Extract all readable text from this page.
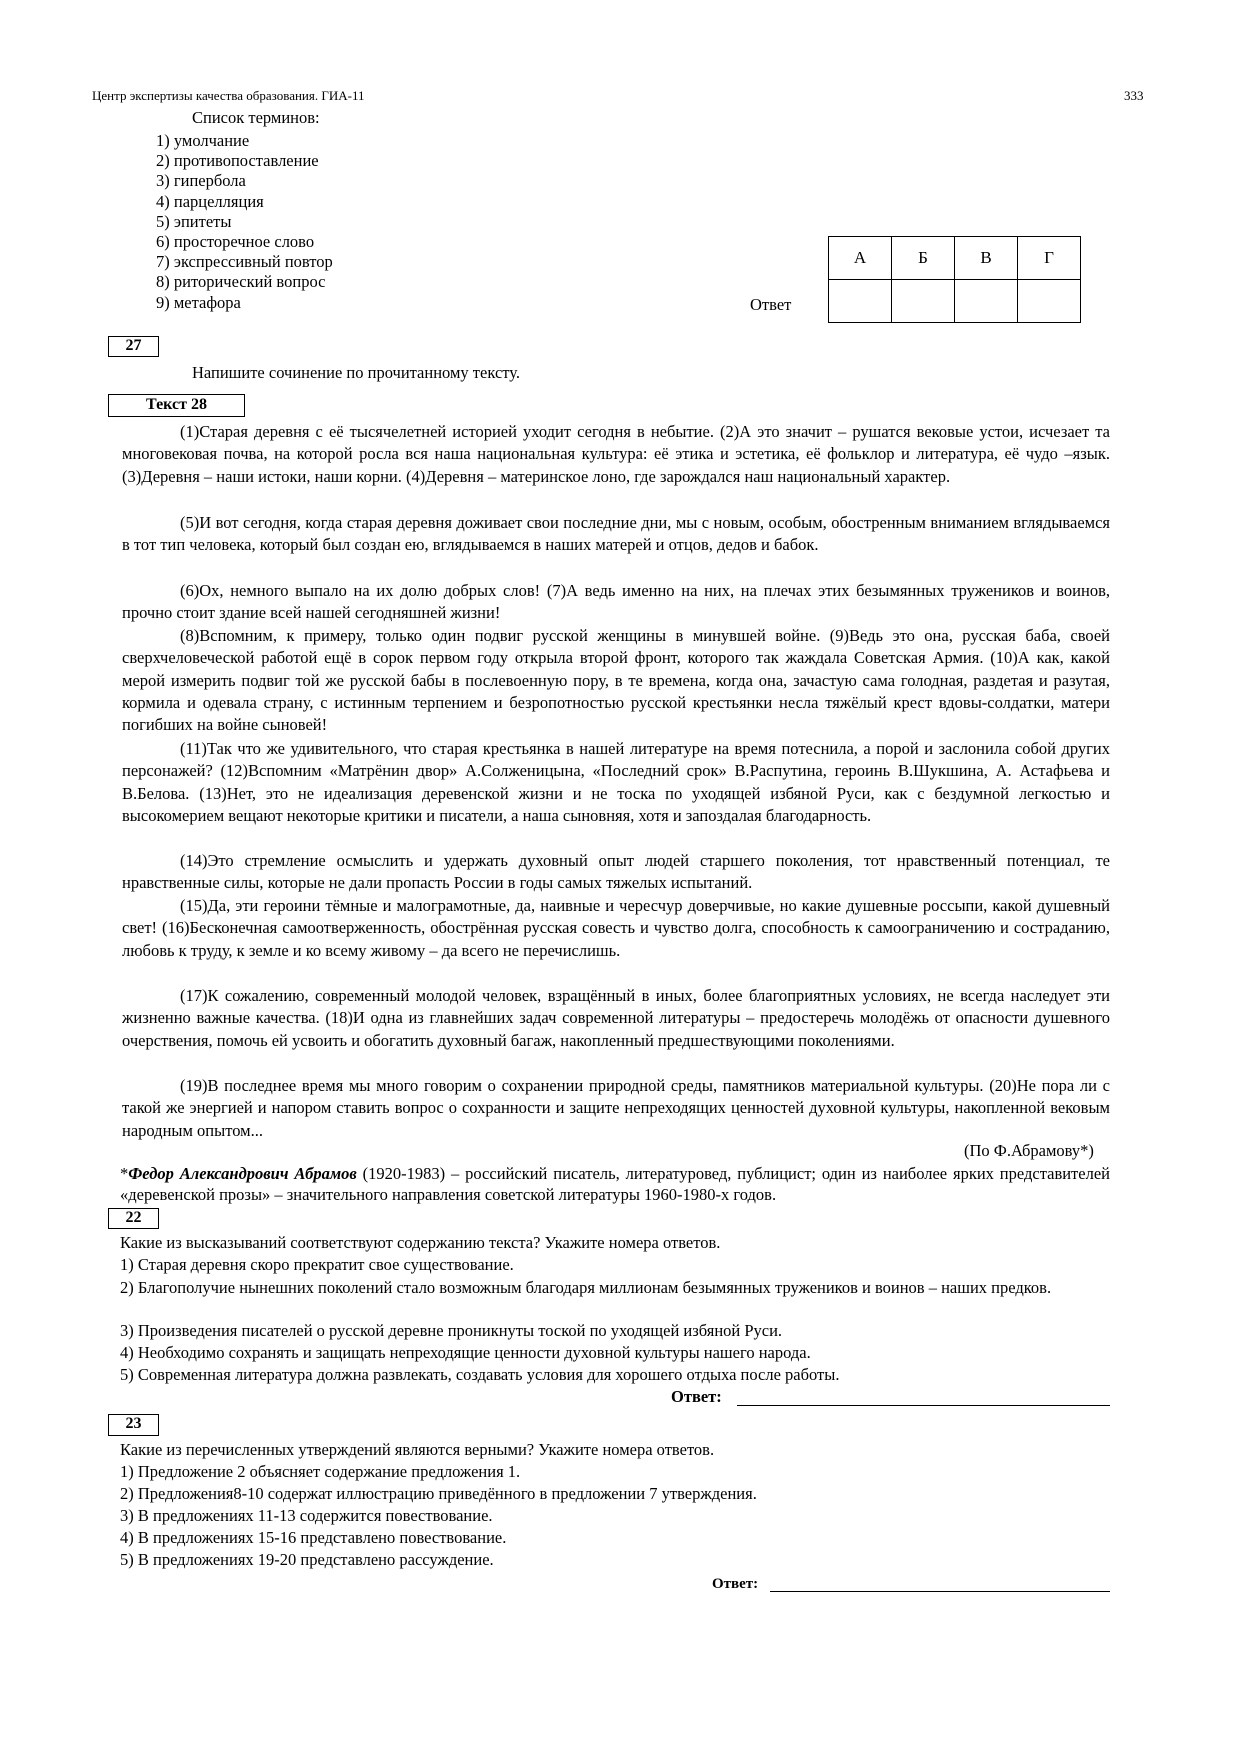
Центр экспертизы качества образования. ГИА-11	333
Список терминов:
1) умолчание
2) противопоставление
3) гипербола
4) парцелляция
5) эпитеты
6) просторечное слово
7) экспрессивный повтор
8) риторический вопрос
9) метафора	Ответ
А	Б	В	Г

27
Напишите сочинение по прочитанному тексту.
Текст 28

(1)Старая деревня с её тысячелетней историей уходит сегодня в небытие. (2)А это значит – рушатся вековые устои, исчезает та многовековая почва, на которой росла вся наша национальная культура: её этика и эстетика, её фольклор и литература, её чудо –язык. (3)Деревня – наши истоки, наши корни. (4)Деревня – материнское лоно, где зарождался наш национальный характер.

(5)И вот сегодня, когда старая деревня доживает свои последние дни, мы с новым, особым, обостренным вниманием вглядываемся в тот тип человека, который был создан ею, вглядываемся в наших матерей и отцов, дедов и бабок.

(6)Ох, немного выпало на их долю добрых слов! (7)А ведь именно на них, на плечах этих безымянных тружеников и воинов, прочно стоит здание всей нашей сегодняшней жизни!

(8)Вспомним, к примеру, только один подвиг русской женщины в минувшей войне. (9)Ведь это она, русская баба, своей сверхчеловеческой работой ещё в сорок первом году открыла второй фронт, которого так жаждала Советская Армия. (10)А как, какой мерой измерить подвиг той же русской бабы в послевоенную пору, в те времена, когда она, зачастую сама голодная, раздетая и разутая, кормила и одевала страну, с истинным терпением и безропотностью русской крестьянки несла тяжёлый крест вдовы-солдатки, матери погибших на войне сыновей!

(11)Так что же удивительного, что старая крестьянка в нашей литературе на время потеснила, а порой и заслонила собой других персонажей? (12)Вспомним «Матрёнин двор» А.Солженицына, «Последний срок» В.Распутина, героинь В.Шукшина, А. Астафьева и В.Белова. (13)Нет, это не идеализация деревенской жизни и не тоска по уходящей избяной Руси, как с бездумной легкостью и высокомерием вещают некоторые критики и писатели, а наша сыновняя, хотя и запоздалая благодарность.

(14)Это стремление осмыслить и удержать духовный опыт людей старшего поколения, тот нравственный потенциал, те нравственные силы, которые не дали пропасть России в годы самых тяжелых испытаний.

(15)Да, эти героини тёмные и малограмотные, да, наивные и чересчур доверчивые, но какие душевные россыпи, какой душевный свет! (16)Бесконечная самоотверженность, обострённая русская совесть и чувство долга, способность к самоограничению и состраданию, любовь к труду, к земле и ко всему живому – да всего не перечислишь.

(17)К сожалению, современный молодой человек, взращённый в иных, более благоприятных условиях, не всегда наследует эти жизненно важные качества. (18)И одна из главнейших задач современной литературы – предостеречь молодёжь от опасности душевного очерствения, помочь ей усвоить и обогатить духовный багаж, накопленный предшествующими поколениями.

(19)В последнее время мы много говорим о сохранении природной среды, памятников материальной культуры. (20)Не пора ли с такой же энергией и напором ставить вопрос о сохранности и защите непреходящих ценностей духовной культуры, накопленной вековым народным опытом...

(По Ф.Абрамову*)

*Федор Александрович Абрамов (1920-1983) – российский писатель, литературовед, публицист; один из наиболее ярких представителей «деревенской прозы» – значительного направления советской литературы 1960-1980-х годов.

22
Какие из высказываний соответствуют содержанию текста? Укажите номера ответов.
1) Старая деревня скоро прекратит свое существование.
2) Благополучие нынешних поколений стало возможным благодаря миллионам безымянных тружеников и воинов – наших предков.
3) Произведения писателей о русской деревне проникнуты тоской по уходящей избяной Руси.
4) Необходимо сохранять и защищать непреходящие ценности духовной культуры нашего народа.
5) Современная литература должна развлекать, создавать условия для хорошего отдыха после работы.
Ответ:
23
Какие из перечисленных утверждений являются верными? Укажите номера ответов.
1) Предложение 2 объясняет содержание предложения 1.
2) Предложения8-10 содержат иллюстрацию приведённого в предложении 7 утверждения.
3) В предложениях 11-13 содержится повествование.
4) В предложениях 15-16 представлено повествование.
5) В предложениях 19-20 представлено рассуждение.
Ответ:
